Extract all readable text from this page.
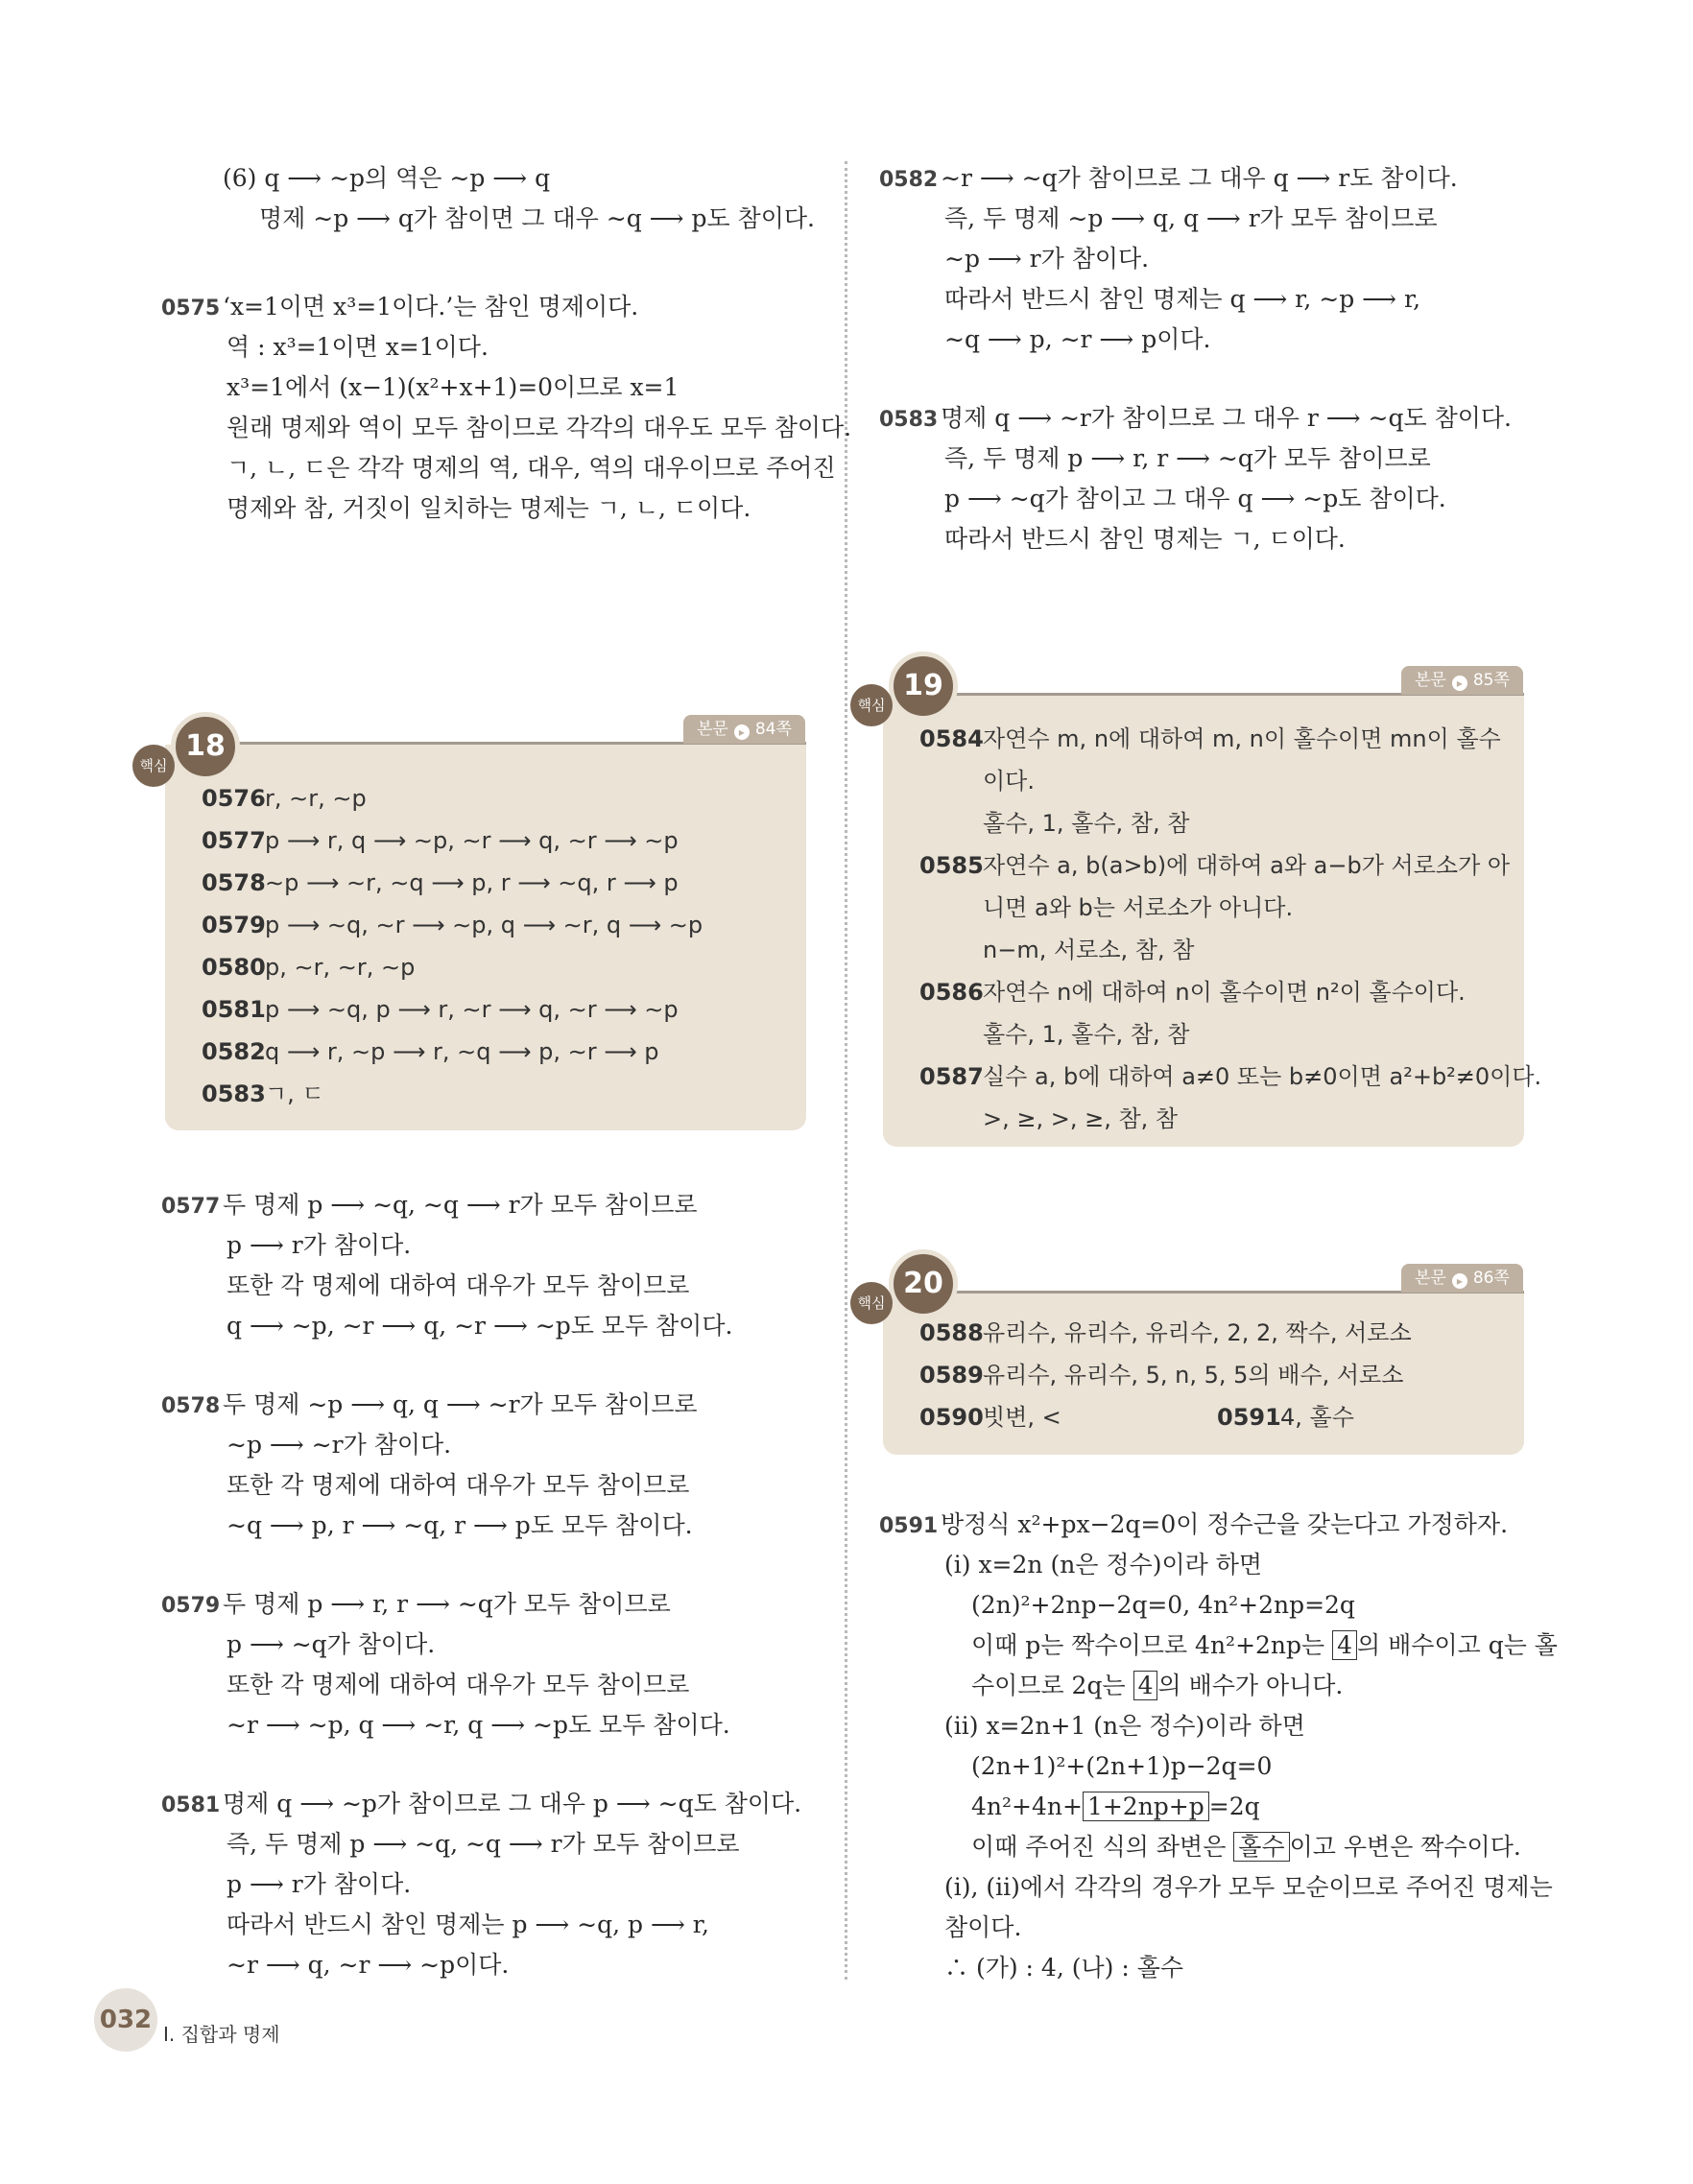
(6) q ⟶ ∼p의 역은 ∼p ⟶ q
명제 ∼p ⟶ q가 참이면 그 대우 ∼q ⟶ p도 참이다.
0575 ‘x=1이면 x³=1이다.’는 참인 명제이다.
역 : x³=1이면 x=1이다.
x³=1에서 (x−1)(x²+x+1)=0이므로 x=1
원래 명제와 역이 모두 참이므로 각각의 대우도 모두 참이다.
ㄱ, ㄴ, ㄷ은 각각 명제의 역, 대우, 역의 대우이므로 주어진
명제와 참, 거짓이 일치하는 명제는 ㄱ, ㄴ, ㄷ이다.
본문 ▸ 84쪽
18
핵심
0576r, ∼r, ∼p
0577p ⟶ r, q ⟶ ∼p, ∼r ⟶ q, ∼r ⟶ ∼p
0578∼p ⟶ ∼r, ∼q ⟶ p, r ⟶ ∼q, r ⟶ p
0579p ⟶ ∼q, ∼r ⟶ ∼p, q ⟶ ∼r, q ⟶ ∼p
0580p, ∼r, ∼r, ∼p
0581p ⟶ ∼q, p ⟶ r, ∼r ⟶ q, ∼r ⟶ ∼p
0582q ⟶ r, ∼p ⟶ r, ∼q ⟶ p, ∼r ⟶ p
0583ㄱ, ㄷ
0577 두 명제 p ⟶ ∼q, ∼q ⟶ r가 모두 참이므로
p ⟶ r가 참이다.
또한 각 명제에 대하여 대우가 모두 참이므로
q ⟶ ∼p, ∼r ⟶ q, ∼r ⟶ ∼p도 모두 참이다.
0578 두 명제 ∼p ⟶ q, q ⟶ ∼r가 모두 참이므로
∼p ⟶ ∼r가 참이다.
또한 각 명제에 대하여 대우가 모두 참이므로
∼q ⟶ p, r ⟶ ∼q, r ⟶ p도 모두 참이다.
0579 두 명제 p ⟶ r, r ⟶ ∼q가 모두 참이므로
p ⟶ ∼q가 참이다.
또한 각 명제에 대하여 대우가 모두 참이므로
∼r ⟶ ∼p, q ⟶ ∼r, q ⟶ ∼p도 모두 참이다.
0581 명제 q ⟶ ∼p가 참이므로 그 대우 p ⟶ ∼q도 참이다.
즉, 두 명제 p ⟶ ∼q, ∼q ⟶ r가 모두 참이므로
p ⟶ r가 참이다.
따라서 반드시 참인 명제는 p ⟶ ∼q, p ⟶ r,
∼r ⟶ q, ∼r ⟶ ∼p이다.
0582 ∼r ⟶ ∼q가 참이므로 그 대우 q ⟶ r도 참이다.
즉, 두 명제 ∼p ⟶ q, q ⟶ r가 모두 참이므로
∼p ⟶ r가 참이다.
따라서 반드시 참인 명제는 q ⟶ r, ∼p ⟶ r,
∼q ⟶ p, ∼r ⟶ p이다.
0583 명제 q ⟶ ∼r가 참이므로 그 대우 r ⟶ ∼q도 참이다.
즉, 두 명제 p ⟶ r, r ⟶ ∼q가 모두 참이므로
p ⟶ ∼q가 참이고 그 대우 q ⟶ ∼p도 참이다.
따라서 반드시 참인 명제는 ㄱ, ㄷ이다.
본문 ▸ 85쪽
19
핵심
0584자연수 m, n에 대하여 m, n이 홀수이면 mn이 홀수
이다.
홀수, 1, 홀수, 참, 참
0585자연수 a, b(a>b)에 대하여 a와 a−b가 서로소가 아
니면 a와 b는 서로소가 아니다.
n−m, 서로소, 참, 참
0586자연수 n에 대하여 n이 홀수이면 n²이 홀수이다.
홀수, 1, 홀수, 참, 참
0587실수 a, b에 대하여 a≠0 또는 b≠0이면 a²+b²≠0이다.
>, ≥, >, ≥, 참, 참
본문 ▸ 86쪽
20
핵심
0588유리수, 유리수, 유리수, 2, 2, 짝수, 서로소
0589유리수, 유리수, 5, n, 5, 5의 배수, 서로소
0590빗변, <	05914, 홀수
0591 방정식 x²+px−2q=0이 정수근을 갖는다고 가정하자.
(i) x=2n (n은 정수)이라 하면
(2n)²+2np−2q=0, 4n²+2np=2q
이때 p는 짝수이므로 4n²+2np는 4 의 배수이고 q는 홀
수이므로 2q는 4 의 배수가 아니다.
(ii) x=2n+1 (n은 정수)이라 하면
(2n+1)²+(2n+1)p−2q=0
4n²+4n+ 1+2np+p =2q
이때 주어진 식의 좌변은 홀수 이고 우변은 짝수이다.
(i), (ii)에서 각각의 경우가 모두 모순이므로 주어진 명제는
참이다.
∴ (가) : 4, (나) : 홀수
032 I. 집합과 명제
